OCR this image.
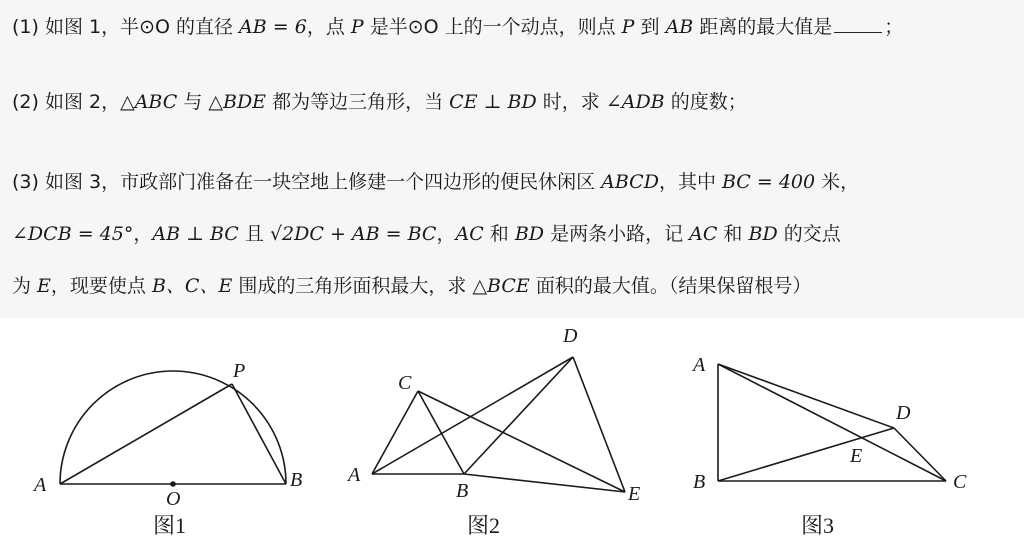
(1) 如图 1，半⊙O 的直径 AB = 6，点 P 是半⊙O 上的一个动点，则点 P 到 AB 距离的最大值是	；
(2) 如图 2，△ABC 与 △BDE 都为等边三角形，当 CE ⊥ BD 时，求 ∠ADB 的度数；
(3) 如图 3，市政部门准备在一块空地上修建一个四边形的便民休闲区 ABCD，其中 BC = 400 米，
∠DCB = 45°，AB ⊥ BC 且 √2DC + AB = BC，AC 和 BD 是两条小路，记 AC 和 BD 的交点
为 E，现要使点 B、C、E 围成的三角形面积最大，求 △BCE 面积的最大值。（结果保留根号）
A	B
O
P
图1
A
B
C
D
E
图2
A
B	C
D
E
图3
